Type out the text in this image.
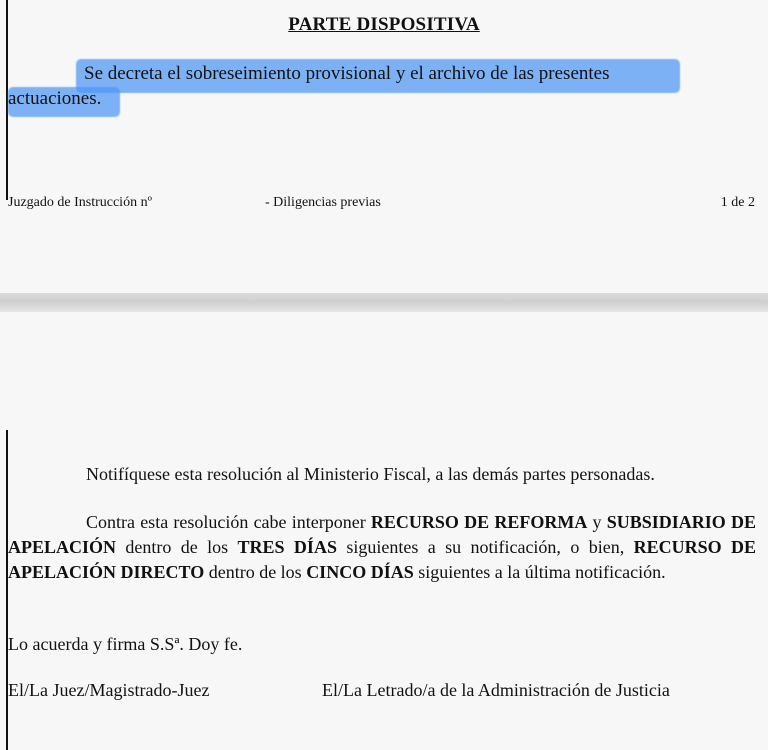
PARTE DISPOSITIVA
Se decreta el sobreseimiento provisional y el archivo de las presentes
actuaciones.
Juzgado de Instrucción nº	- Diligencias previas	1 de 2
Notifíquese esta resolución al Ministerio Fiscal, a las demás partes personadas.
Contra esta resolución cabe interponer RECURSO DE REFORMA y SUBSIDIARIO DE APELACIÓN dentro de los TRES DÍAS siguientes a su notificación, o bien, RECURSO DE APELACIÓN DIRECTO dentro de los CINCO DÍAS siguientes a la última notificación.
Lo acuerda y firma S.Sª. Doy fe.
El/La Juez/Magistrado-Juez	El/La Letrado/a de la Administración de Justicia
